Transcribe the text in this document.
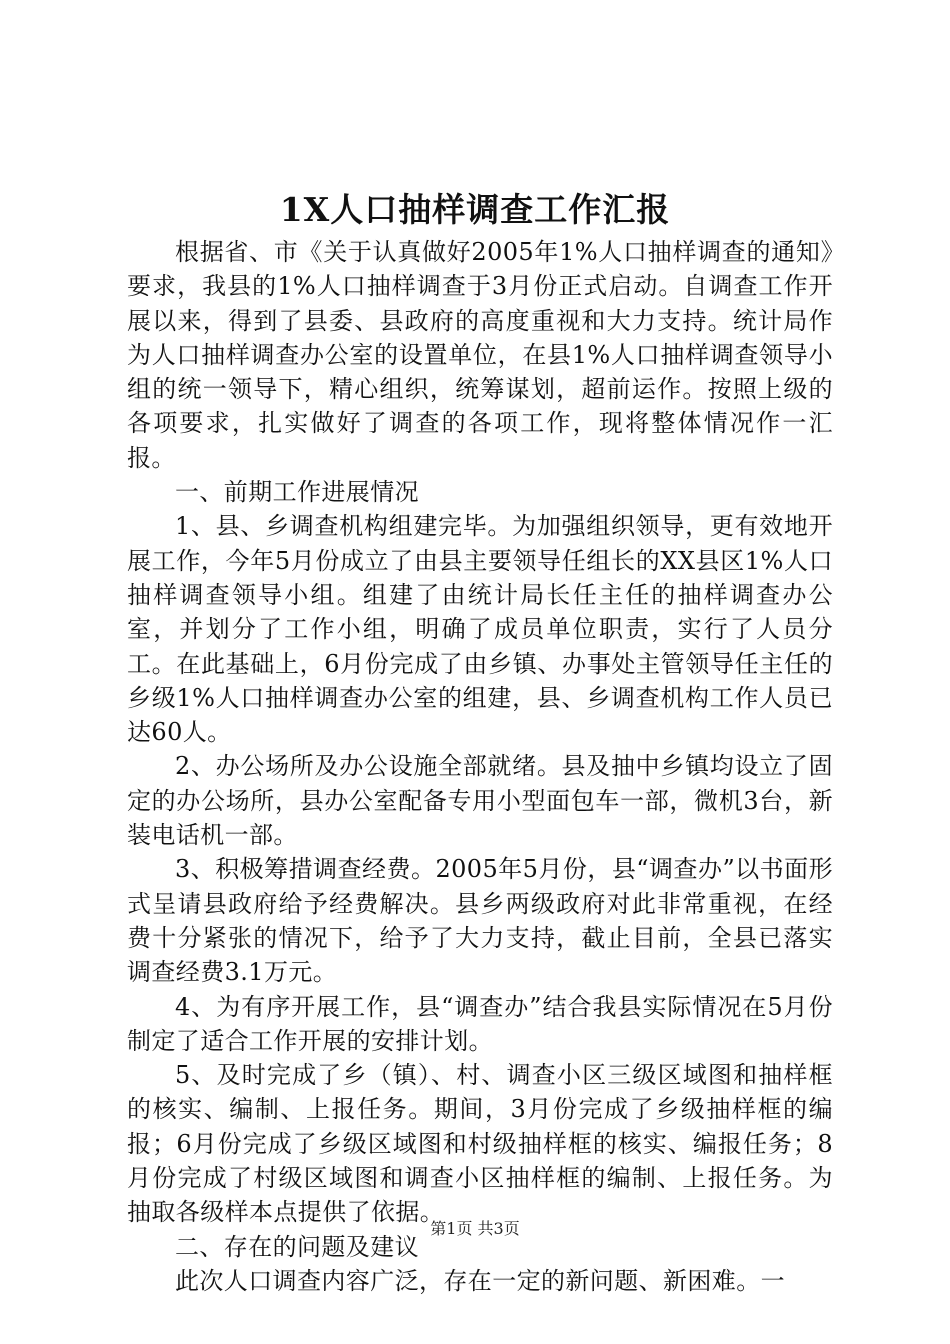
1X人口抽样调查工作汇报

根据省、市《关于认真做好2005年1%人口抽样调查的通知》要求，我县的1%人口抽样调查于3月份正式启动。自调查工作开展以来，得到了县委、县政府的高度重视和大力支持。统计局作为人口抽样调查办公室的设置单位，在县1%人口抽样调查领导小组的统一领导下，精心组织，统筹谋划，超前运作。按照上级的各项要求，扎实做好了调查的各项工作，现将整体情况作一汇报。

一、前期工作进展情况

1、县、乡调查机构组建完毕。为加强组织领导，更有效地开展工作，今年5月份成立了由县主要领导任组长的XX县区1%人口抽样调查领导小组。组建了由统计局长任主任的抽样调查办公室，并划分了工作小组，明确了成员单位职责，实行了人员分工。在此基础上，6月份完成了由乡镇、办事处主管领导任主任的乡级1%人口抽样调查办公室的组建，县、乡调查机构工作人员已达60人。

2、办公场所及办公设施全部就绪。县及抽中乡镇均设立了固定的办公场所，县办公室配备专用小型面包车一部，微机3台，新装电话机一部。

3、积极筹措调查经费。2005年5月份，县“调查办”以书面形式呈请县政府给予经费解决。县乡两级政府对此非常重视，在经费十分紧张的情况下，给予了大力支持，截止目前，全县已落实调查经费3.1万元。

4、为有序开展工作，县“调查办”结合我县实际情况在5月份制定了适合工作开展的安排计划。

5、及时完成了乡（镇）、村、调查小区三级区域图和抽样框的核实、编制、上报任务。期间，3月份完成了乡级抽样框的编报；6月份完成了乡级区域图和村级抽样框的核实、编报任务；8月份完成了村级区域图和调查小区抽样框的编制、上报任务。为抽取各级样本点提供了依据。

二、存在的问题及建议

此次人口调查内容广泛，存在一定的新问题、新困难。一

第1页 共3页
